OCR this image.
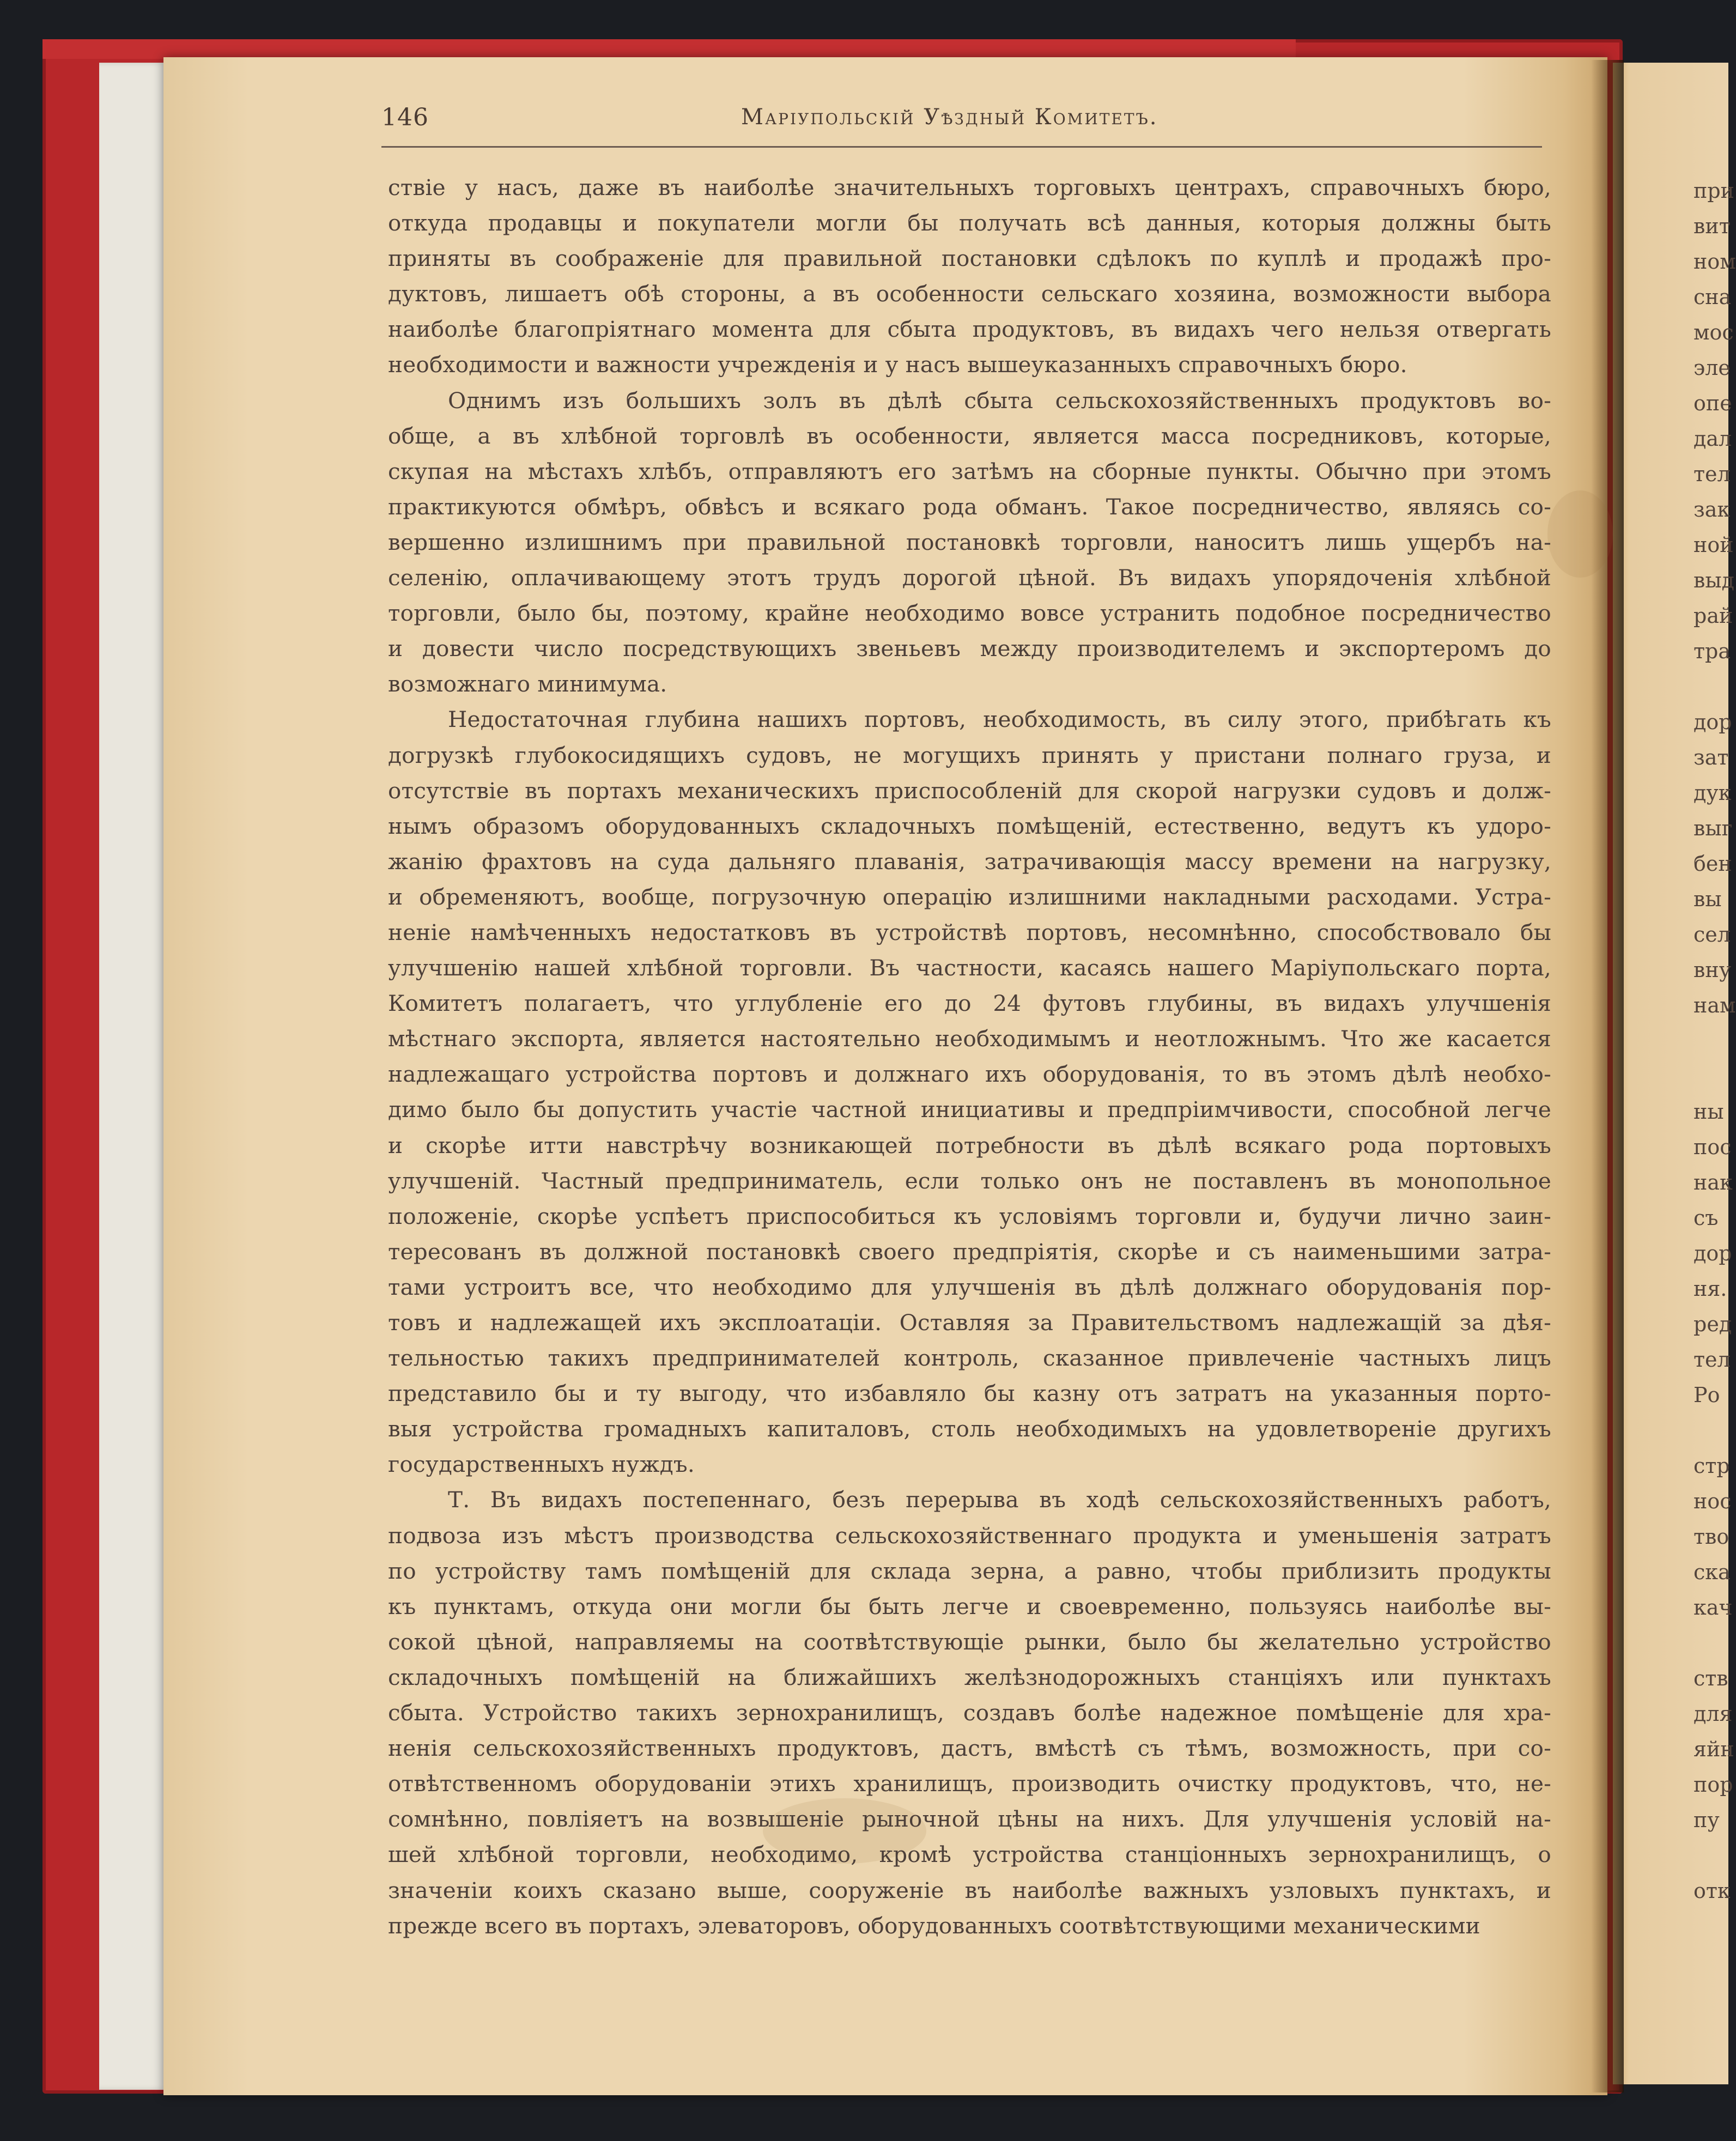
146	Маріупольскій Уѣздный Комитетъ.

ствіе у насъ, даже въ наиболѣе значительныхъ торговыхъ центрахъ, справочныхъ бюро,

откуда продавцы и покупатели могли бы получать всѣ данныя, которыя должны быть

приняты въ соображеніе для правильной постановки сдѣлокъ по куплѣ и продажѣ про-

дуктовъ, лишаетъ обѣ стороны, а въ особенности сельскаго хозяина, возможности выбора

наиболѣе благопріятнаго момента для сбыта продуктовъ, въ видахъ чего нельзя отвергать

необходимости и важности учрежденія и у насъ вышеуказанныхъ справочныхъ бюро.

Однимъ изъ большихъ золъ въ дѣлѣ сбыта сельскохозяйственныхъ продуктовъ во-

обще, а въ хлѣбной торговлѣ въ особенности, является масса посредниковъ, которые,

скупая на мѣстахъ хлѣбъ, отправляютъ его затѣмъ на сборные пункты. Обычно при этомъ

практикуются обмѣръ, обвѣсъ и всякаго рода обманъ. Такое посредничество, являясь со-

вершенно излишнимъ при правильной постановкѣ торговли, наноситъ лишь ущербъ на-

селенію, оплачивающему этотъ трудъ дорогой цѣной. Въ видахъ упорядоченія хлѣбной

торговли, было бы, поэтому, крайне необходимо вовсе устранить подобное посредничество

и довести число посредствующихъ звеньевъ между производителемъ и экспортеромъ до

возможнаго минимума.

Недостаточная глубина нашихъ портовъ, необходимость, въ силу этого, прибѣгать къ

догрузкѣ глубокосидящихъ судовъ, не могущихъ принять у пристани полнаго груза, и

отсутствіе въ портахъ механическихъ приспособленій для скорой нагрузки судовъ и долж-

нымъ образомъ оборудованныхъ складочныхъ помѣщеній, естественно, ведутъ къ удоро-

жанію фрахтовъ на суда дальняго плаванія, затрачивающія массу времени на нагрузку,

и обременяютъ, вообще, погрузочную операцію излишними накладными расходами. Устра-

неніе намѣченныхъ недостатковъ въ устройствѣ портовъ, несомнѣнно, способствовало бы

улучшенію нашей хлѣбной торговли. Въ частности, касаясь нашего Маріупольскаго порта,

Комитетъ полагаетъ, что углубленіе его до 24 футовъ глубины, въ видахъ улучшенія

мѣстнаго экспорта, является настоятельно необходимымъ и неотложнымъ. Что же касается

надлежащаго устройства портовъ и должнаго ихъ оборудованія, то въ этомъ дѣлѣ необхо-

димо было бы допустить участіе частной инициативы и предпріимчивости, способной легче

и скорѣе итти навстрѣчу возникающей потребности въ дѣлѣ всякаго рода портовыхъ

улучшеній. Частный предприниматель, если только онъ не поставленъ въ монопольное

положеніе, скорѣе успѣетъ приспособиться къ условіямъ торговли и, будучи лично заин-

тересованъ въ должной постановкѣ своего предпріятія, скорѣе и съ наименьшими затра-

тами устроитъ все, что необходимо для улучшенія въ дѣлѣ должнаго оборудованія пор-

товъ и надлежащей ихъ эксплоатаціи. Оставляя за Правительствомъ надлежащій за дѣя-

тельностью такихъ предпринимателей контроль, сказанное привлеченіе частныхъ лицъ

представило бы и ту выгоду, что избавляло бы казну отъ затратъ на указанныя порто-

выя устройства громадныхъ капиталовъ, столь необходимыхъ на удовлетвореніе другихъ

государственныхъ нуждъ.

Т. Въ видахъ постепеннаго, безъ перерыва въ ходѣ сельскохозяйственныхъ работъ,

подвоза изъ мѣстъ производства сельскохозяйственнаго продукта и уменьшенія затратъ

по устройству тамъ помѣщеній для склада зерна, а равно, чтобы приблизить продукты

къ пунктамъ, откуда они могли бы быть легче и своевременно, пользуясь наиболѣе вы-

сокой цѣной, направляемы на соотвѣтствующіе рынки, было бы желательно устройство

складочныхъ помѣщеній на ближайшихъ желѣзнодорожныхъ станціяхъ или пунктахъ

сбыта. Устройство такихъ зернохранилищъ, создавъ болѣе надежное помѣщеніе для хра-

ненія сельскохозяйственныхъ продуктовъ, дастъ, вмѣстѣ съ тѣмъ, возможность, при со-

отвѣтственномъ оборудованіи этихъ хранилищъ, производить очистку продуктовъ, что, не-

сомнѣнно, повліяетъ на возвышеніе рыночной цѣны на нихъ. Для улучшенія условій на-

шей хлѣбной торговли, необходимо, кромѣ устройства станціонныхъ зернохранилищъ, о

значеніи коихъ сказано выше, сооруженіе въ наиболѣе важныхъ узловыхъ пунктахъ, и

прежде всего въ портахъ, элеваторовъ, оборудованныхъ соотвѣтствующими механическими

при
вит
ном
сна
мос
эле
опе
дал
тел
зак
ной
выд
рай
тра
дор
зат
дук
выг
бен
вы
сел
вну
нам
ны
пос
нак
съ
дор
ня.
ред
тел
Ро
стр
нос
тво
ска
кач
ств
для
яйн
пор
пу
отк
